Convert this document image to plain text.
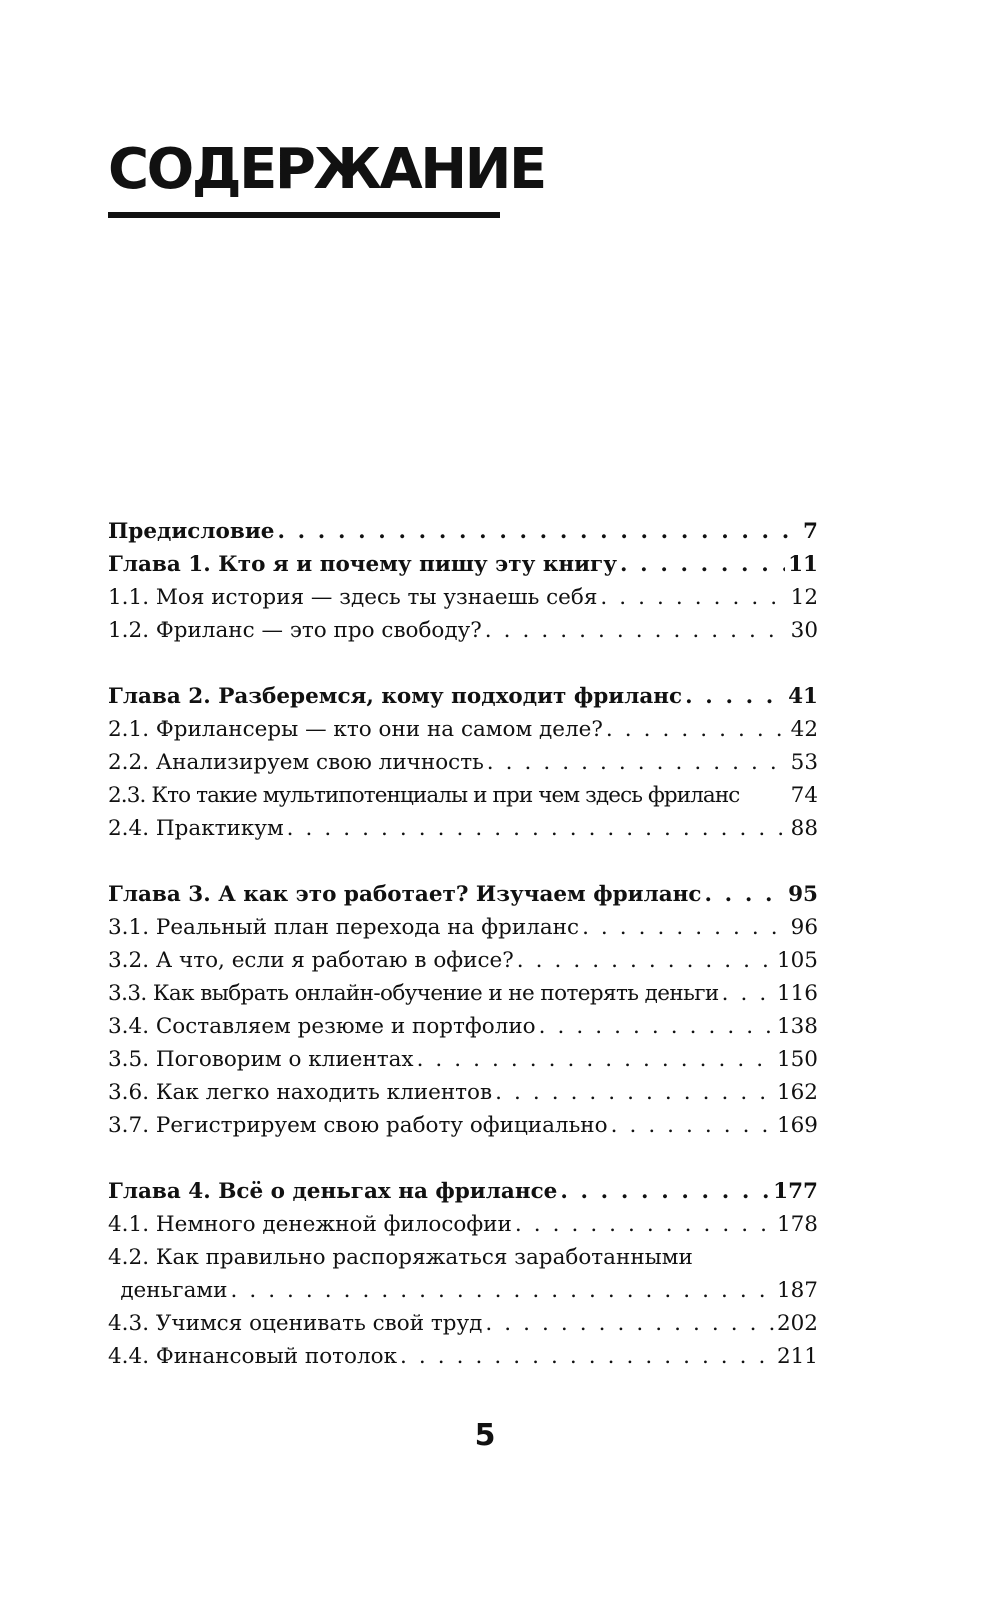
СОДЕРЖАНИЕ
Предисловие . . .	7
Глава 1. Кто я и почему пишу эту книгу . . .	11
1.1. Моя история — здесь ты узнаешь себя . . .	12
1.2. Фриланс — это про свободу? . . .	30
Глава 2. Разберемся, кому подходит фриланс . . .	41
2.1. Фрилансеры — кто они на самом деле? . . .	42
2.2. Анализируем свою личность . . .	53
2.3. Кто такие мультипотенциалы и при чем здесь фриланс	74
2.4. Практикум . . .	88
Глава 3. А как это работает? Изучаем фриланс . . .	95
3.1. Реальный план перехода на фриланс . . .	96
3.2. А что, если я работаю в офисе? . . .	105
3.3. Как выбрать онлайн-обучение и не потерять деньги . . .	116
3.4. Составляем резюме и портфолио . . .	138
3.5. Поговорим о клиентах . . .	150
3.6. Как легко находить клиентов . . .	162
3.7. Регистрируем свою работу официально . . .	169
Глава 4. Всё о деньгах на фрилансе . . .	177
4.1. Немного денежной философии . . .	178
4.2. Как правильно распоряжаться заработанными
деньгами . . .	187
4.3. Учимся оценивать свой труд . . .	202
4.4. Финансовый потолок . . .	211
5
